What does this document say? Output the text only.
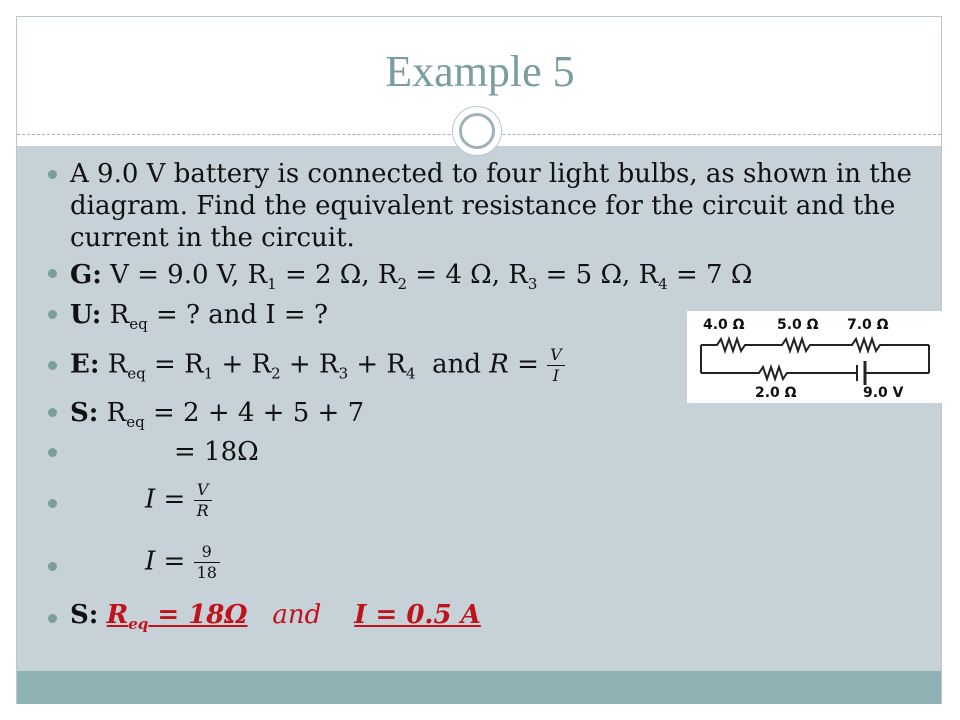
Example 5
A 9.0 V battery is connected to four light bulbs, as shown in the diagram. Find the equivalent resistance for the circuit and the current in the circuit.
G: V = 9.0 V, $R_1 = 2$ Ω, $R_2 = 4$ Ω, $R_3 = 5$ Ω, $R_4 = 7$ Ω
U: $R_{eq}$ = ? and I = ?
E: $R_{eq} = R_1 + R_2 + R_3 + R_4$ and $R = \frac{V}{I}$
S: $R_{eq} = 2 + 4 + 5 + 7$
= 18Ω
$I = \frac{V}{R}$
$I = \frac{9}{18}$
S: $R_{eq} = 18\Omega$ and I = 0.5 A
4.0 Ω 5.0 Ω 7.0 Ω
2.0 Ω	9.0 V
